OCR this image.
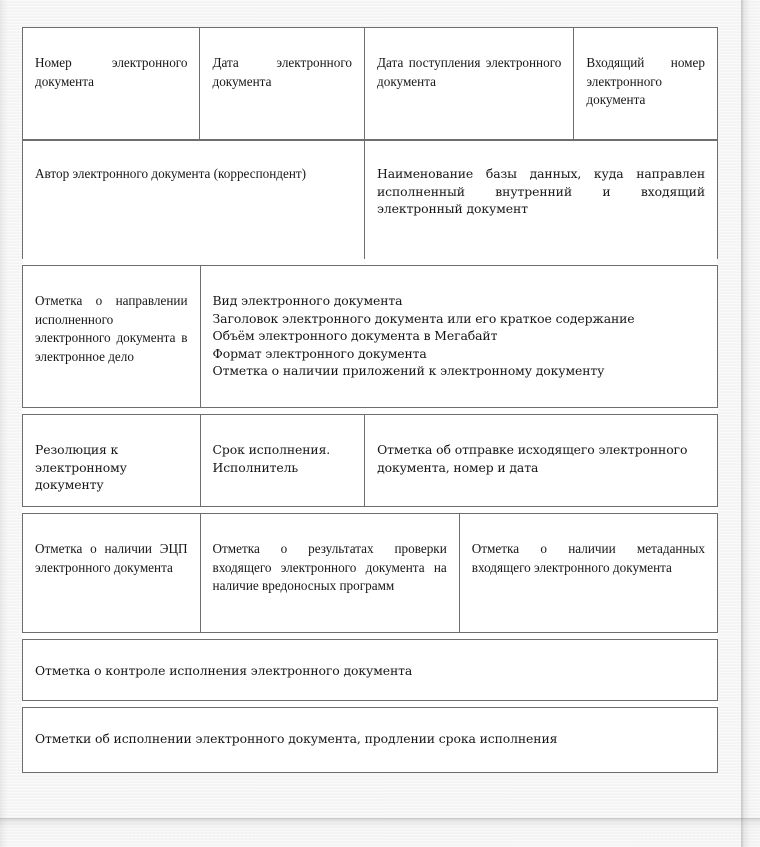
Номер электронного документа
Дата электронного документа
Дата поступления электронного документа
Входящий номер электронного документа
Автор электронного документа (корреспондент)	Наименование базы данных, куда направлен исполненный внутренний и входящий электронный документ
Отметка о направлении исполненного электронного документа в электронное дело
Вид электронного документа
Заголовок электронного документа или его краткое содержание
Объём электронного документа в Мегабайт
Формат электронного документа
Отметка о наличии приложений к электронному документу
Резолюция к электронному документу
Срок исполнения.
Исполнитель
Отметка об отправке исходящего электронного документа, номер и дата
Отметка о наличии ЭЦП электронного документа
Отметка о результатах проверки входящего электронного документа на наличие вредоносных программ
Отметка о наличии метаданных входящего электронного документа
Отметка о контроле исполнения электронного документа
Отметки об исполнении электронного документа, продлении срока исполнения
